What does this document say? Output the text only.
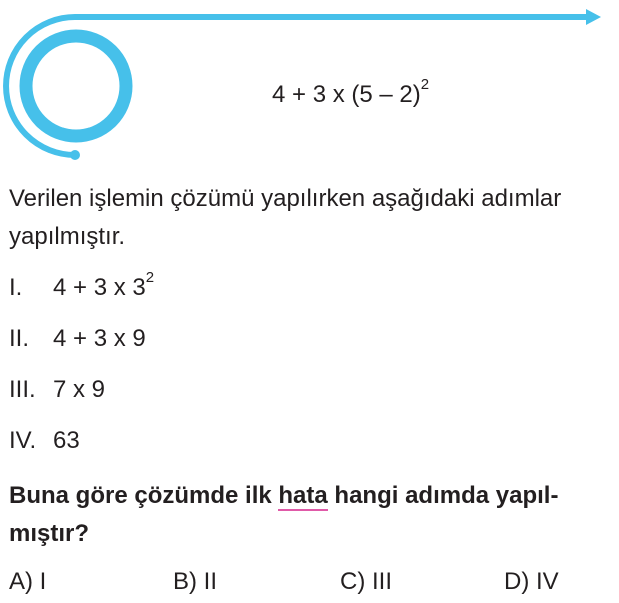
4 + 3 x (5 – 2)$^2$
Verilen işlemin çözümü yapılırken aşağıdaki adımlar
yapılmıştır.
I. 4 + 3 x $3^2$
II. 4 + 3 x 9
III. 7 x 9
IV. 63
Buna göre çözümde ilk hata hangi adımda yapıl-
mıştır?
A) I	B) II	C) III	D) IV
